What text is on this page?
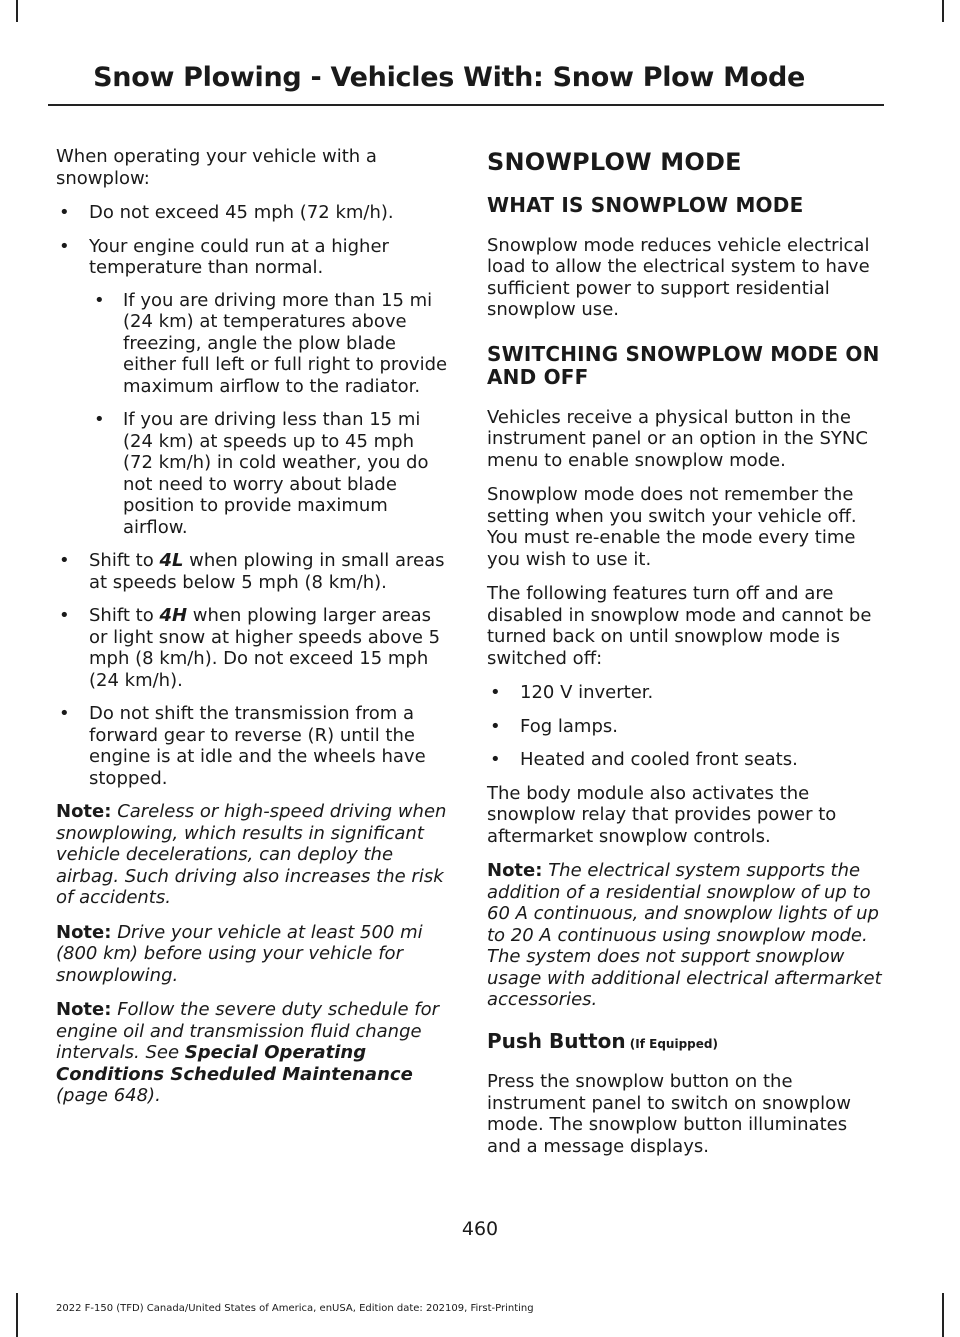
Snow Plowing - Vehicles With: Snow Plow Mode

When operating your vehicle with a snowplow:

• Do not exceed 45 mph (72 km/h).
• Your engine could run at a higher temperature than normal.
• If you are driving more than 15 mi (24 km) at temperatures above freezing, angle the plow blade either full left or full right to provide maximum airflow to the radiator.
• If you are driving less than 15 mi (24 km) at speeds up to 45 mph (72 km/h) in cold weather, you do not need to worry about blade position to provide maximum airflow.
• Shift to 4L when plowing in small areas at speeds below 5 mph (8 km/h).
• Shift to 4H when plowing larger areas or light snow at higher speeds above 5 mph (8 km/h). Do not exceed 15 mph (24 km/h).
• Do not shift the transmission from a forward gear to reverse (R) until the engine is at idle and the wheels have stopped.

Note: Careless or high-speed driving when snowplowing, which results in significant vehicle decelerations, can deploy the airbag. Such driving also increases the risk of accidents.

Note: Drive your vehicle at least 500 mi (800 km) before using your vehicle for snowplowing.

Note: Follow the severe duty schedule for engine oil and transmission fluid change intervals. See Special Operating Conditions Scheduled Maintenance (page 648).

SNOWPLOW MODE
WHAT IS SNOWPLOW MODE

Snowplow mode reduces vehicle electrical load to allow the electrical system to have sufficient power to support residential snowplow use.

SWITCHING SNOWPLOW MODE ON AND OFF

Vehicles receive a physical button in the instrument panel or an option in the SYNC menu to enable snowplow mode.

Snowplow mode does not remember the setting when you switch your vehicle off. You must re-enable the mode every time you wish to use it.

The following features turn off and are disabled in snowplow mode and cannot be turned back on until snowplow mode is switched off:

• 120 V inverter.
• Fog lamps.
• Heated and cooled front seats.

The body module also activates the snowplow relay that provides power to aftermarket snowplow controls.

Note: The electrical system supports the addition of a residential snowplow of up to 60 A continuous, and snowplow lights of up to 20 A continuous using snowplow mode. The system does not support snowplow usage with additional electrical aftermarket accessories.

Push Button (If Equipped)

Press the snowplow button on the instrument panel to switch on snowplow mode. The snowplow button illuminates and a message displays.

460
2022 F-150 (TFD) Canada/United States of America, enUSA, Edition date: 202109, First-Printing
